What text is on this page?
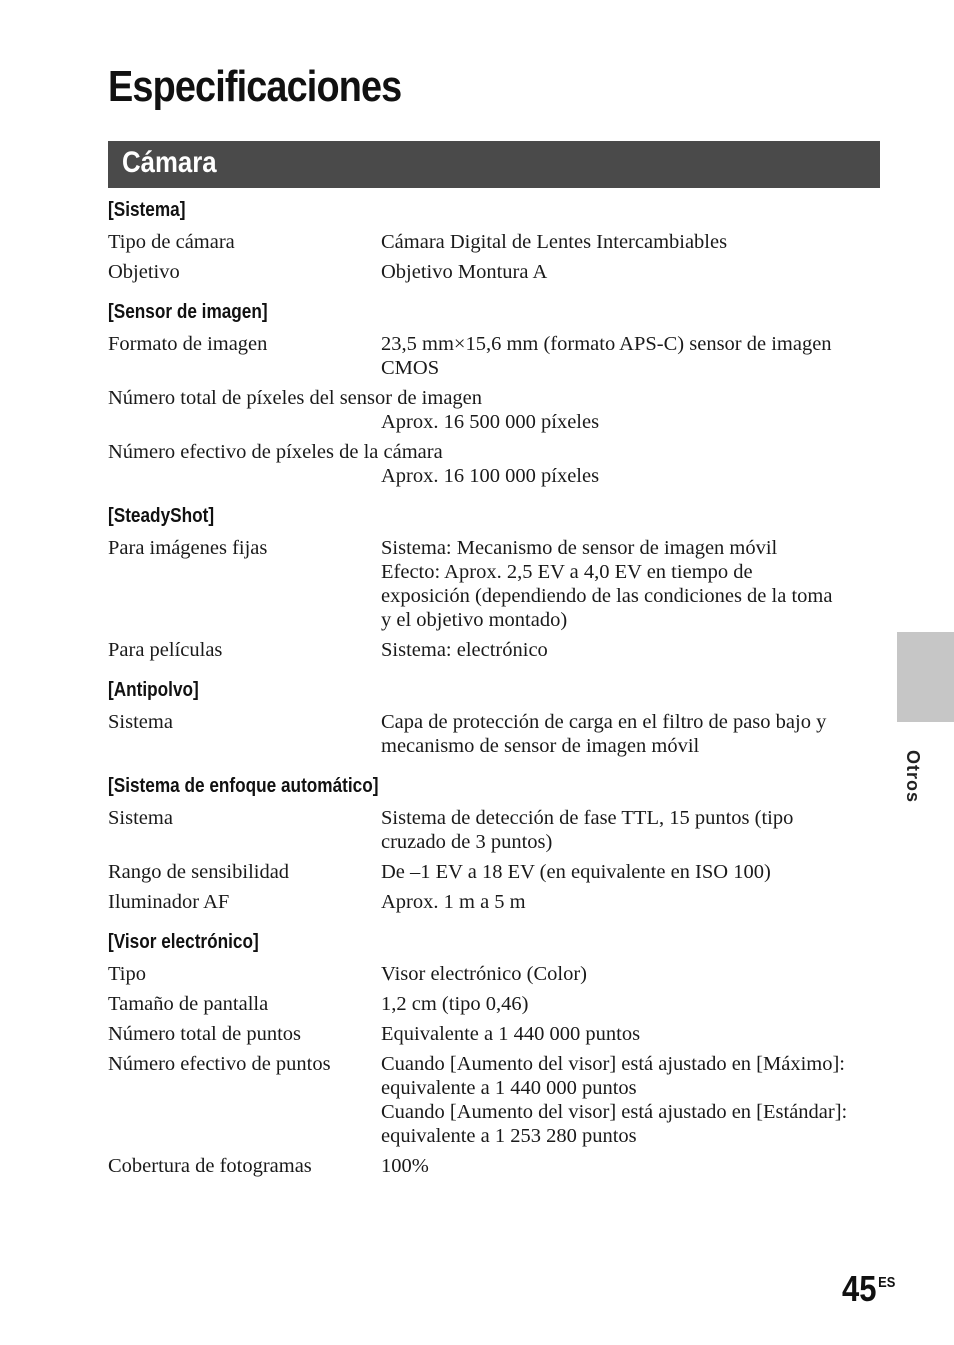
Especificaciones
Cámara
[Sistema]
Tipo de cámara	Cámara Digital de Lentes Intercambiables
Objetivo	Objetivo Montura A
[Sensor de imagen]
Formato de imagen	23,5 mm×15,6 mm (formato APS-C) sensor de imagen
CMOS
Número total de píxeles del sensor de imagen
Aprox. 16 500 000 píxeles
Número efectivo de píxeles de la cámara
Aprox. 16 100 000 píxeles
[SteadyShot]
Para imágenes fijas	Sistema: Mecanismo de sensor de imagen móvil
Efecto: Aprox. 2,5 EV a 4,0 EV en tiempo de
exposición (dependiendo de las condiciones de la toma
y el objetivo montado)
Para películas	Sistema: electrónico
[Antipolvo]
Sistema	Capa de protección de carga en el filtro de paso bajo y
mecanismo de sensor de imagen móvil
[Sistema de enfoque automático]
Sistema	Sistema de detección de fase TTL, 15 puntos (tipo
cruzado de 3 puntos)
Rango de sensibilidad	De –1 EV a 18 EV (en equivalente en ISO 100)
Iluminador AF	Aprox. 1 m a 5 m
[Visor electrónico]
Tipo	Visor electrónico (Color)
Tamaño de pantalla	1,2 cm (tipo 0,46)
Número total de puntos	Equivalente a 1 440 000 puntos
Número efectivo de puntos	Cuando [Aumento del visor] está ajustado en [Máximo]:
equivalente a 1 440 000 puntos
Cuando [Aumento del visor] está ajustado en [Estándar]:
equivalente a 1 253 280 puntos
Cobertura de fotogramas	100%
Otros
45 $^{ES}$
